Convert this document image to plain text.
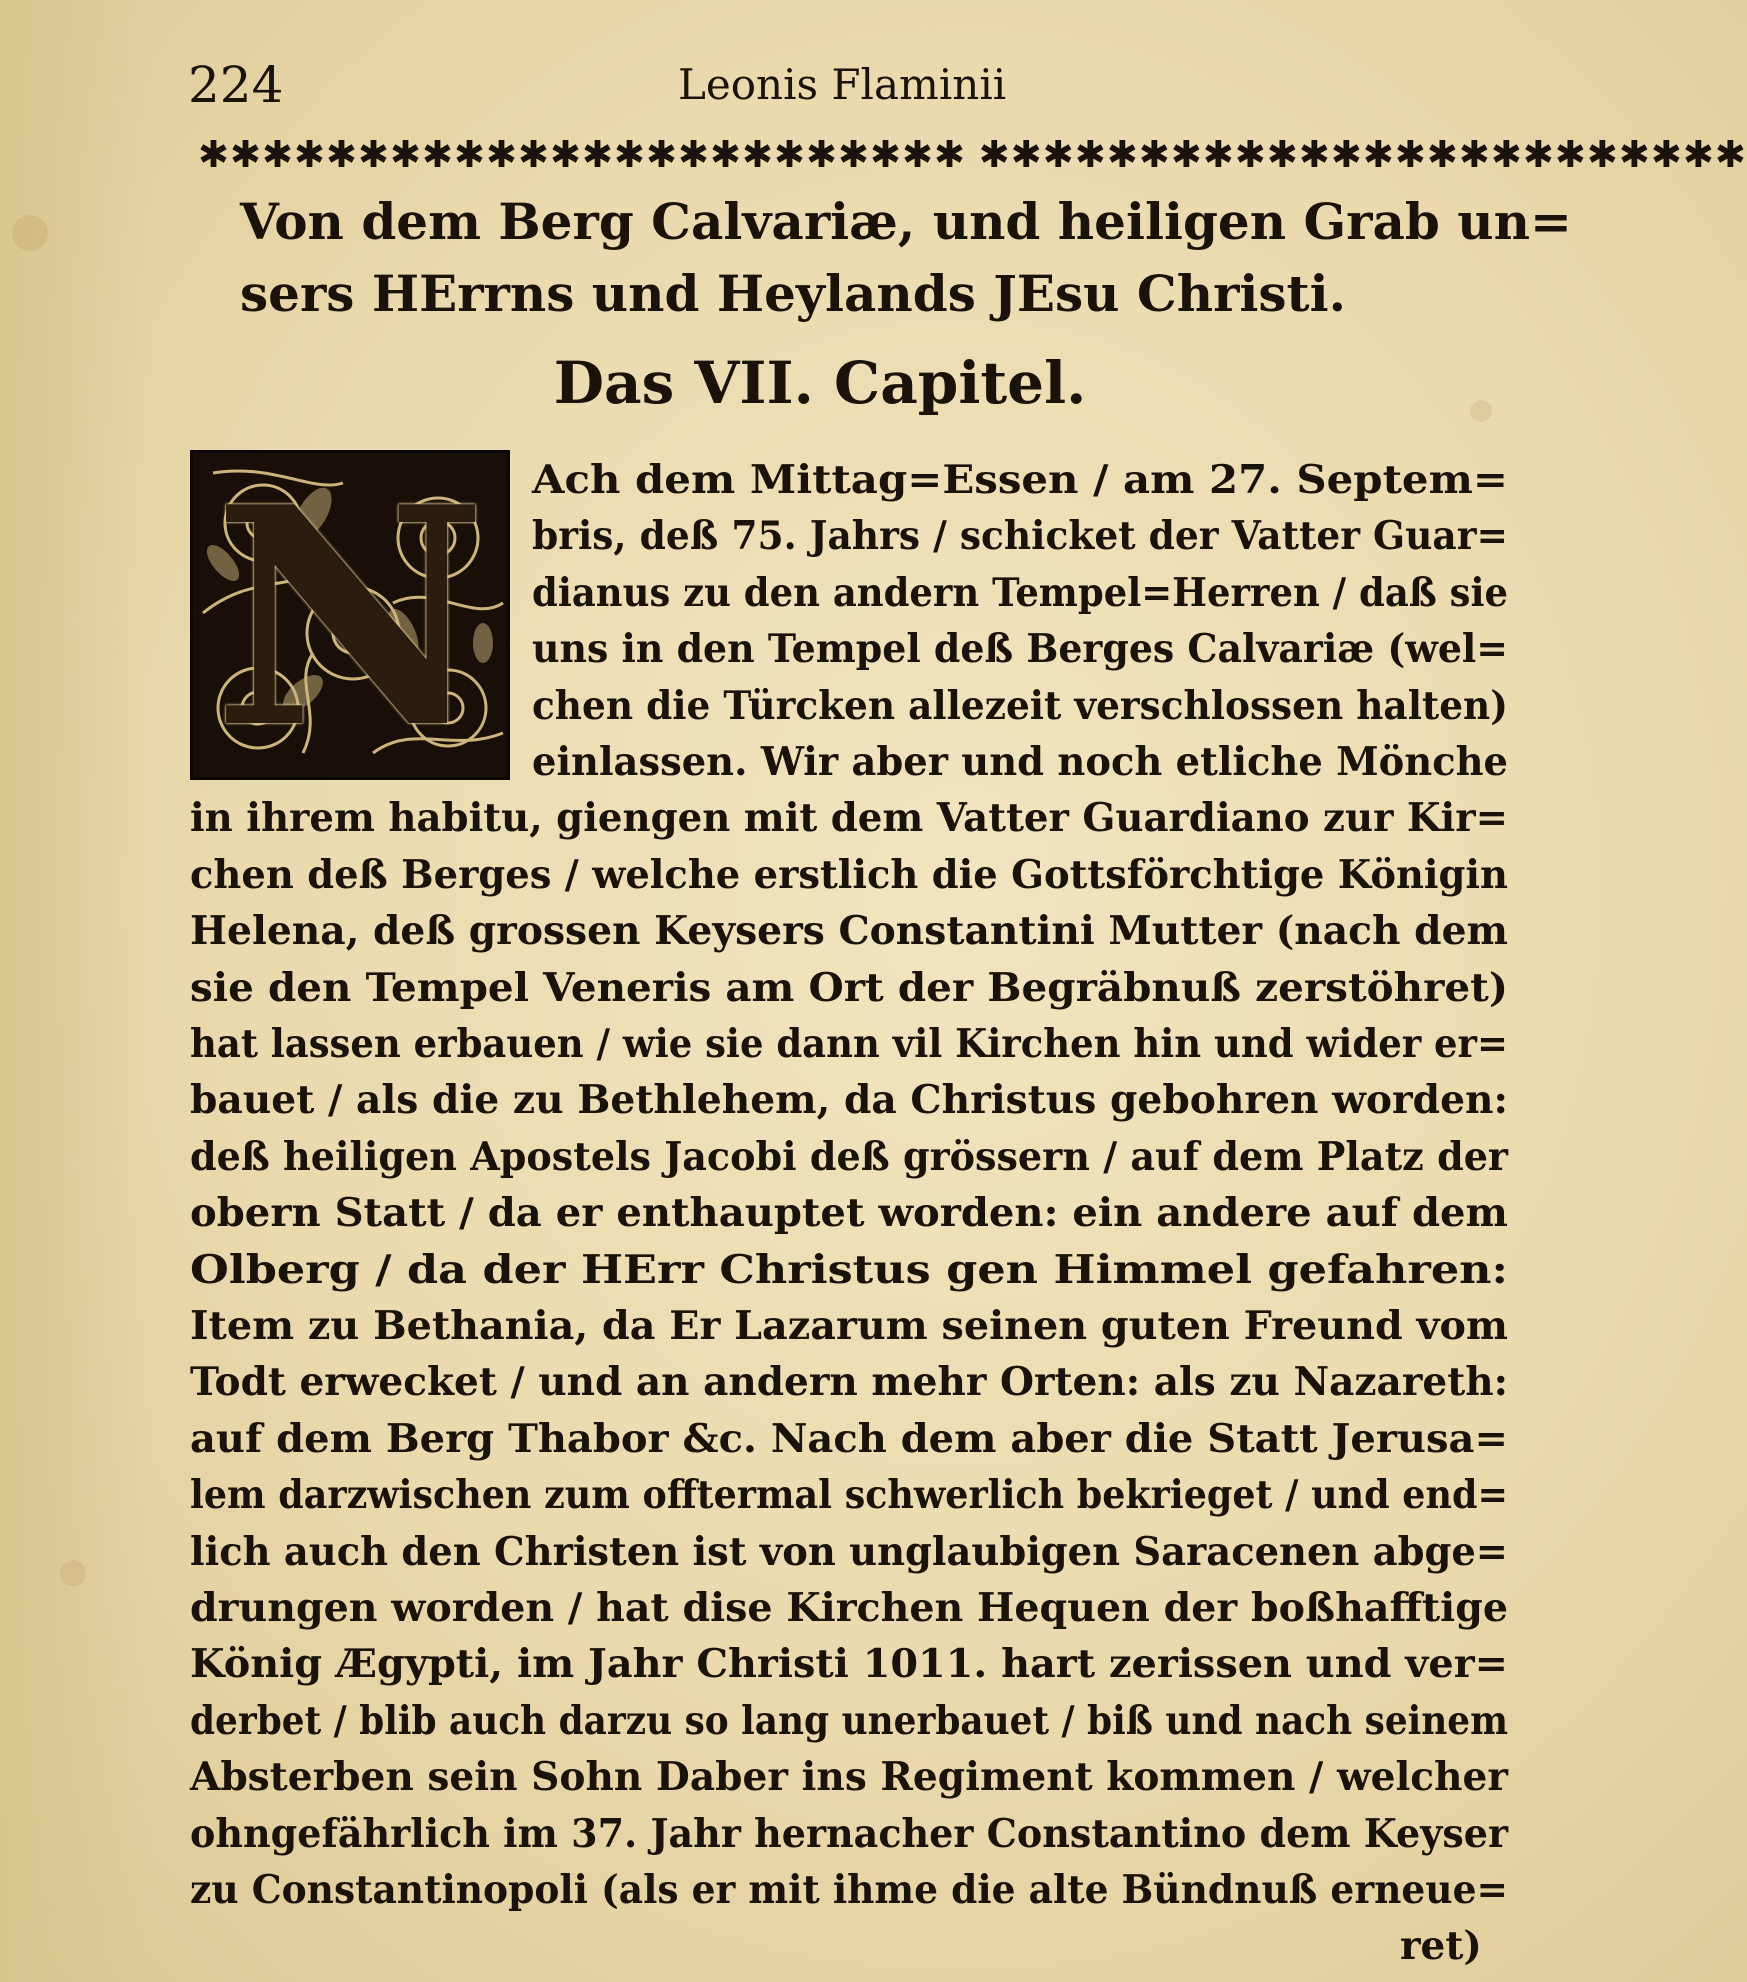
224	Leonis Flaminii
✱✱✱✱✱✱✱✱✱✱✱✱✱✱✱✱✱✱✱✱✱✱✱✱ ✱✱✱✱✱✱✱✱✱✱✱✱✱✱✱✱✱✱✱✱✱✱✱✱
Von dem Berg Calvariæ, und heiligen Grab un=
sers HErrns und Heylands JEsu Christi.
Das VII. Capitel.
N	Ach dem Mittag=Essen / am 27. Septem=
bris, deß 75. Jahrs / schicket der Vatter Guar=
dianus zu den andern Tempel=Herren / daß sie
uns in den Tempel deß Berges Calvariæ (wel=
chen die Türcken allezeit verschlossen halten)
einlassen. Wir aber und noch etliche Mönche
in ihrem habitu, giengen mit dem Vatter Guardiano zur Kir=
chen deß Berges / welche erstlich die Gottsförchtige Königin
Helena, deß grossen Keysers Constantini Mutter (nach dem
sie den Tempel Veneris am Ort der Begräbnuß zerstöhret)
hat lassen erbauen / wie sie dann vil Kirchen hin und wider er=
bauet / als die zu Bethlehem, da Christus gebohren worden:
deß heiligen Apostels Jacobi deß grössern / auf dem Platz der
obern Statt / da er enthauptet worden: ein andere auf dem
Olberg / da der HErr Christus gen Himmel gefahren:
Item zu Bethania, da Er Lazarum seinen guten Freund vom
Todt erwecket / und an andern mehr Orten: als zu Nazareth:
auf dem Berg Thabor &c. Nach dem aber die Statt Jerusa=
lem darzwischen zum offtermal schwerlich bekrieget / und end=
lich auch den Christen ist von unglaubigen Saracenen abge=
drungen worden / hat dise Kirchen Hequen der boßhafftige
König Ægypti, im Jahr Christi 1011. hart zerissen und ver=
derbet / blib auch darzu so lang unerbauet / biß und nach seinem
Absterben sein Sohn Daber ins Regiment kommen / welcher
ohngefährlich im 37. Jahr hernacher Constantino dem Keyser
zu Constantinopoli (als er mit ihme die alte Bündnuß erneue=
ret)
